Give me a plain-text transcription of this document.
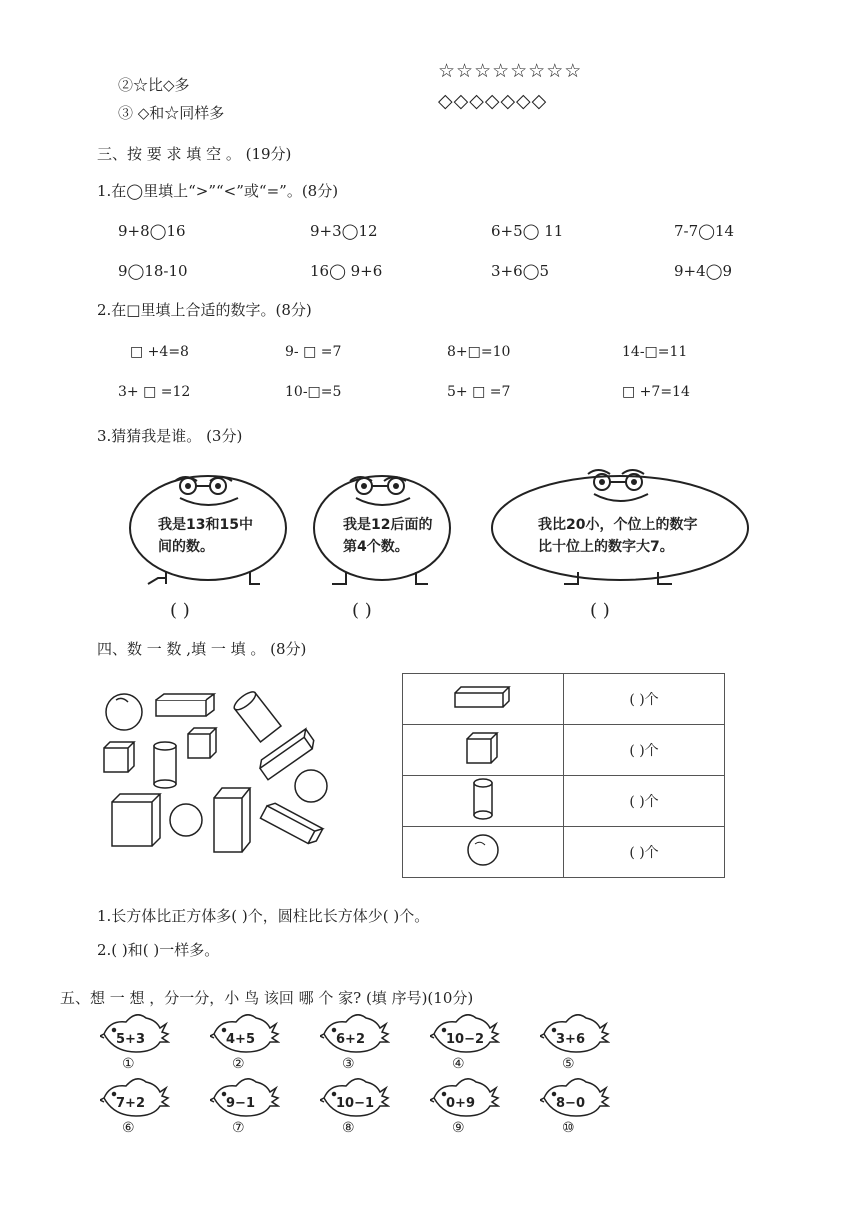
②☆比◇多
③ ◇和☆同样多
☆☆☆☆☆☆☆☆
◇◇◇◇◇◇◇
三、按 要 求 填 空 。 (19分)
1.在◯里填上“>”“<”或“=”。(8分)
9+8◯16	9+3◯12	6+5◯ 11	7-7◯14
9◯18-10	16◯ 9+6	3+6◯5	9+4◯9
2.在□里填上合适的数字。(8分)
□ +4=8	9- □ =7	8+□=10	14-□=11
3+ □ =12	10-□=5	5+ □ =7	□ +7=14
3.猜猜我是谁。 (3分)
我是13和15中
间的数。
我是12后面的
第4个数。
我比20小，个位上的数字
比十位上的数字大7。
( )	( )	( )
四、数 一 数 ,填 一 填 。 (8分)
	( )个
	( )个
	( )个
	( )个
1.长方体比正方体多( )个，圆柱比长方体少( )个。
2.( )和( )一样多。
五、想 一 想 ，分一分，小 鸟 该回 哪 个 家? (填 序号)(10分)
5+3
①
4+5
②
6+2
③
10−2
④
3+6
⑤
7+2
⑥
9−1
⑦
10−1
⑧
0+9
⑨
8−0
⑩
